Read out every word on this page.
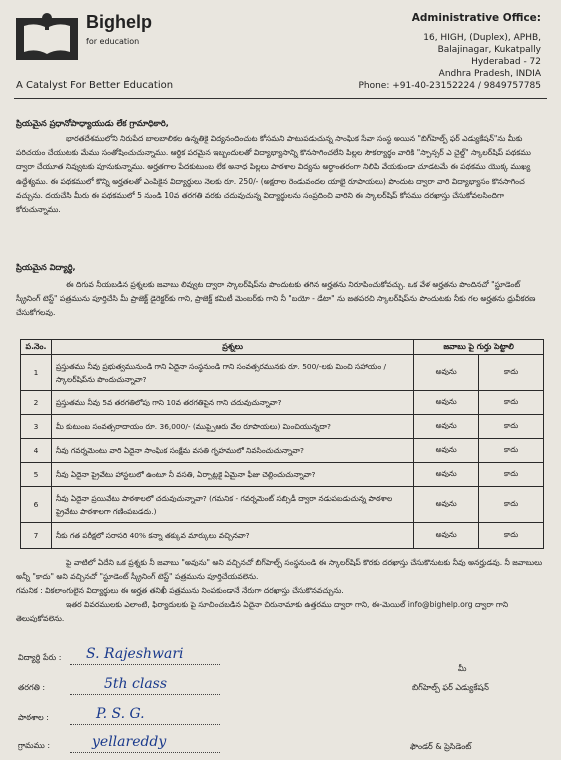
Bighelp
for education
A Catalyst For Better Education
Administrative Office:
16, HIGH, (Duplex), APHB,
Balajinagar, Kukatpally
Hyderabad - 72
Andhra Pradesh, INDIA
Phone: +91-40-23152224 / 9849757785
ప్రియమైన ప్రధానోపాధ్యాయుడు లేక గ్రామాధికారి,
భారతదేశములోని నిరుపేద బాలబాలికల ఉన్నతికై విద్యనందించుట కోసమని పాటుపడుచున్న సాంఘిక సేవా సంస్థ అయిన "బిగ్‌హెల్ప్ ఫర్ ఎడ్యుకేషన్"ను మీకు పరిచయం చేయుటకు మేము సంతోషించుచున్నాము. ఆర్థిక పరమైన ఇబ్బందులతో విద్యాభ్యాసాన్ని కొనసాగించలేని పిల్లల సౌకర్యార్థం వారికి "స్పాన్సర్ ఎ చైల్డ్" స్కాలర్‌షిప్ పథకము ద్వారా చేయూత నివ్వుటకు పూనుకున్నాము. అర్హతగాల పేదకుటుంబ లేక అనాధ పిల్లలు పాఠశాల విద్యను అర్ధాంతరంగా నిలిపి వేయకుండా చూడటమే ఈ పథకము యొక్క ముఖ్య ఉద్దేశ్యము. ఈ పథకములో కొన్ని అర్హతలతో ఎంపికైన విద్యార్థులు నెలకు రూ. 250/- (అక్షరాల రెండువందల యాభై రూపాయలు) పొందుట ద్వారా వారి విద్యాభ్యాసం కొనసాగించ వచ్చును. దయచేసి మీరు ఈ పథకములో 5 నుండి 10వ తరగతి వరకు చదువుచున్న విద్యార్థులను సంప్రదించి వారిని ఈ స్కాలర్‌షిప్ కోసము దరఖాస్తు చేసుకోవలసిందిగా కోరుచున్నాము.
ప్రియమైన విద్యార్థి,
ఈ దిగువ నీయబడిన ప్రశ్నలకు జవాబు లివ్వుట ద్వారా స్కాలర్‌షిప్‌ను పొందుటకు తగిన అర్హతను నిరూపించుకోవచ్చు. ఒక వేళ అర్హతను పొందినచో "స్టూడెంట్ స్క్రీనింగ్ టెస్ట్" పత్రమును పూర్తిచేసి మీ ప్రాజెక్ట్ డైరెక్టర్‌కు గాని, ప్రాజెక్ట్ కమిటీ మెంబర్‌కు గాని నీ "బయో - డేటా" ను జతపరచి స్కాలర్‌షిప్‌ను పొందుటకు నీకు గల అర్హతను ధ్రువీకరణ చేసుకోగలవు.
ప.నెం.	ప్రశ్నలు	జవాబు పై గుర్తు పెట్టాలి	
1	ప్రస్తుతము నీవు ప్రభుత్వమునుండి గాని ఏదైనా సంస్థనుండి గాని సంవత్సరమునకు రూ. 500/-లకు మించి సహాయం / స్కాలర్‌షిప్‌ను పొందుచున్నావా?	అవును	కాదు
2	ప్రస్తుతము నీవు 5వ తరగతిలోపు గాని 10వ తరగతిపైన గాని చదువుచున్నావా?	అవును	కాదు
3	మీ కుటుంబ సంవత్సరాదాయం రూ. 36,000/- (ముప్పైఆరు వేల రూపాయలు) మించియున్నదా?	అవును	కాదు
4	నీవు గవర్నమెంటు వారి ఏదైనా సాంఘిక సంక్షేమ వసతి గృహములో నివసించుచున్నావా?	అవును	కాదు
5	నీవు ఏదైనా ప్రైవేటు హాస్టలులో ఉంటూ నీ వసతి, ఏర్పాట్లకై ఏమైనా ఫీజు చెల్లించుచున్నావా?	అవును	కాదు
6	నీవు ఏదైనా ప్రయివేటు పాఠశాలలో చదువుచున్నావా? (గమనిక - గవర్నమెంట్ సబ్సిడీ ద్వారా నడుపబడుచున్న పాఠశాల ప్రైవేటు పాఠశాలగా గణింపబడదు.)	అవును	కాదు
7	నీకు గత పరీక్షలో సరాసరి 40% కన్నా తక్కువ మార్కులు వచ్చినవా?	అవును	కాదు
పై వాటిలో ఏదేని ఒక ప్రశ్నకు నీ జవాబు "అవును" అని వచ్చినచో బిగ్‌హెల్ప్ సంస్థనుండి ఈ స్కాలర్‌షిప్ కొరకు దరఖాస్తు చేసుకొనుటకు నీవు అనర్హుడవు. నీ జవాబులు అన్నీ "కాదు" అని వచ్చినచో "స్టూడెంట్ స్క్రీనింగ్ టెస్ట్" పత్రమును పూర్తిచేయవలెను.
గమనిక : వికలాంగులైన విద్యార్థులు ఈ అర్హత తనిఖీ పత్రమును నింపకుండానే నేరుగా దరఖాస్తు చేసుకొనవచ్చును.
ఇతర వివరములకు ఎలాంటి, ఫిర్యాదులకు పై సూచించబడిన ఏదైనా చిరునామాకు ఉత్తరము ద్వారా గాని, ఈ-మెయిల్ info@bighelp.org ద్వారా గాని తెలుపుకోవలెను.
విద్యార్థి పేరు : S. Rajeshwari
తరగతి :	5th class
పాఠశాల :	P. S. G.
గ్రామము :	yellareddy
మీ
బిగ్‌హెల్ప్ ఫర్ ఎడ్యుకేషన్
ఫౌండర్ & ప్రెసిడెంట్
